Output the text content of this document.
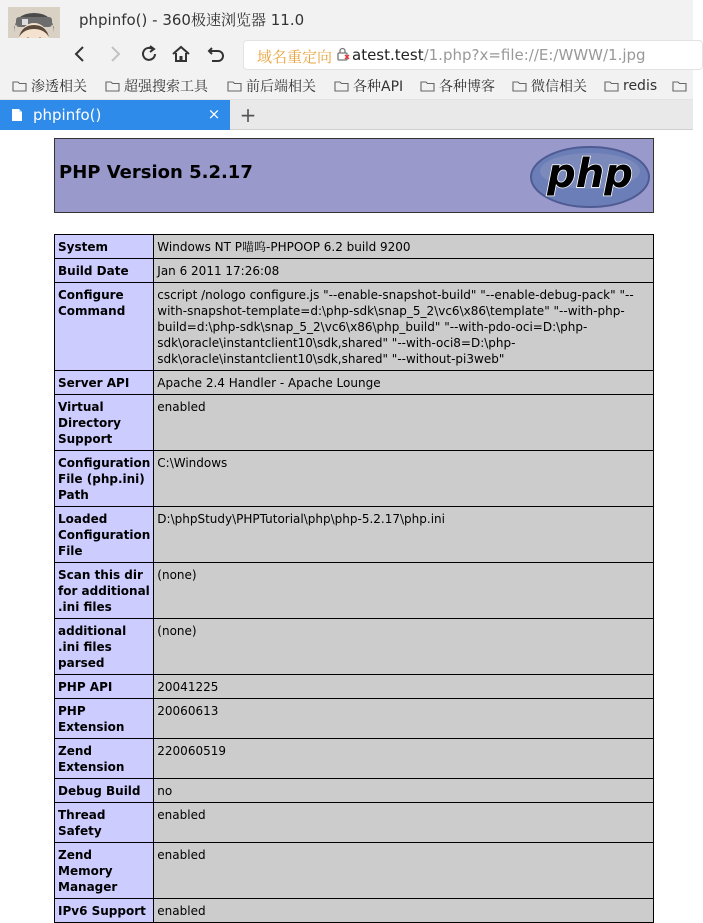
phpinfo() - 360极速浏览器 11.0
域名重定向 atest.test/1.php?x=file://E:/WWW/1.jpg
渗透相关	超强搜索工具	前后端相关	各种API	各种博客	微信相关	redis
phpinfo()	× +
PHP Version 5.2.17	php
System	Windows NT P喵呜-PHPOOP 6.2 build 9200
Build Date	Jan 6 2011 17:26:08
Configure Command	cscript /nologo configure.js "--enable-snapshot-build" "--enable-debug-pack" "--with-snapshot-template=d:\php-sdk\snap_5_2\vc6\x86\template" "--with-php-build=d:\php-sdk\snap_5_2\vc6\x86\php_build" "--with-pdo-oci=D:\php-sdk\oracle\instantclient10\sdk,shared" "--with-oci8=D:\php-sdk\oracle\instantclient10\sdk,shared" "--without-pi3web"
Server API	Apache 2.4 Handler - Apache Lounge
Virtual Directory Support	enabled
Configuration File (php.ini) Path	C:\Windows
Loaded Configuration File	D:\phpStudy\PHPTutorial\php\php-5.2.17\php.ini
Scan this dir for additional .ini files	(none)
additional .ini files parsed	(none)
PHP API	20041225
PHP Extension	20060613
Zend Extension	220060519
Debug Build	no
Thread Safety	enabled
Zend Memory Manager	enabled
IPv6 Support	enabled
